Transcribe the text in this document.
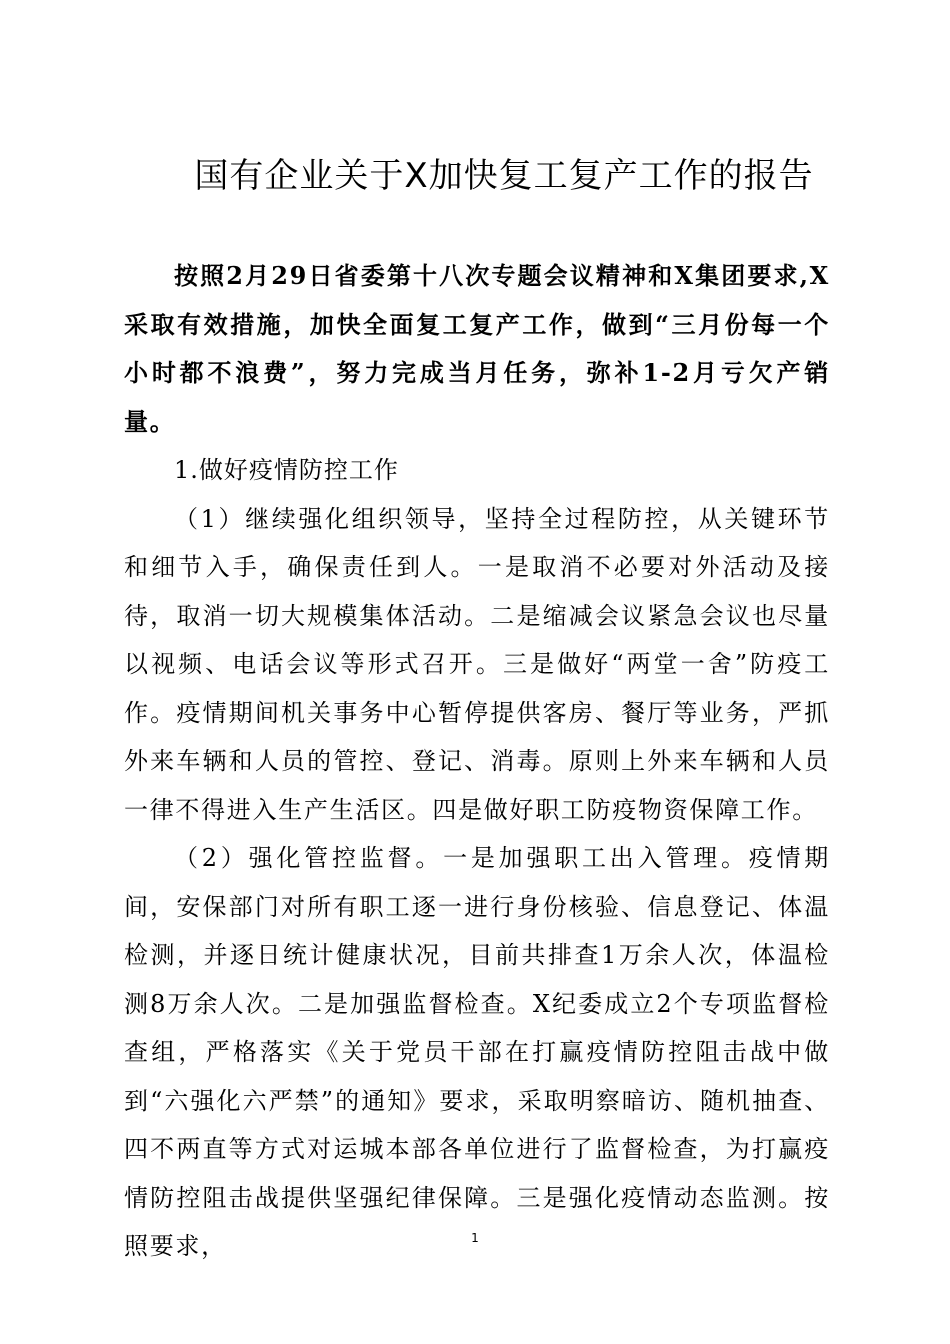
国有企业关于X加快复工复产工作的报告

按照2月29日省委第十八次专题会议精神和X集团要求,X采取有效措施，加快全面复工复产工作，做到“三月份每一个小时都不浪费”，努力完成当月任务，弥补1-2月亏欠产销量。

1.做好疫情防控工作

（1）继续强化组织领导，坚持全过程防控，从关键环节和细节入手，确保责任到人。一是取消不必要对外活动及接待，取消一切大规模集体活动。二是缩减会议紧急会议也尽量以视频、电话会议等形式召开。三是做好“两堂一舍”防疫工作。疫情期间机关事务中心暂停提供客房、餐厅等业务，严抓外来车辆和人员的管控、登记、消毒。原则上外来车辆和人员一律不得进入生产生活区。四是做好职工防疫物资保障工作。

（2）强化管控监督。一是加强职工出入管理。疫情期间，安保部门对所有职工逐一进行身份核验、信息登记、体温检测，并逐日统计健康状况，目前共排查1万余人次，体温检测8万余人次。二是加强监督检查。X纪委成立2个专项监督检查组，严格落实《关于党员干部在打赢疫情防控阻击战中做到“六强化六严禁”的通知》要求，采取明察暗访、随机抽查、四不两直等方式对运城本部各单位进行了监督检查，为打赢疫情防控阻击战提供坚强纪律保障。三是强化疫情动态监测。按照要求，	1
